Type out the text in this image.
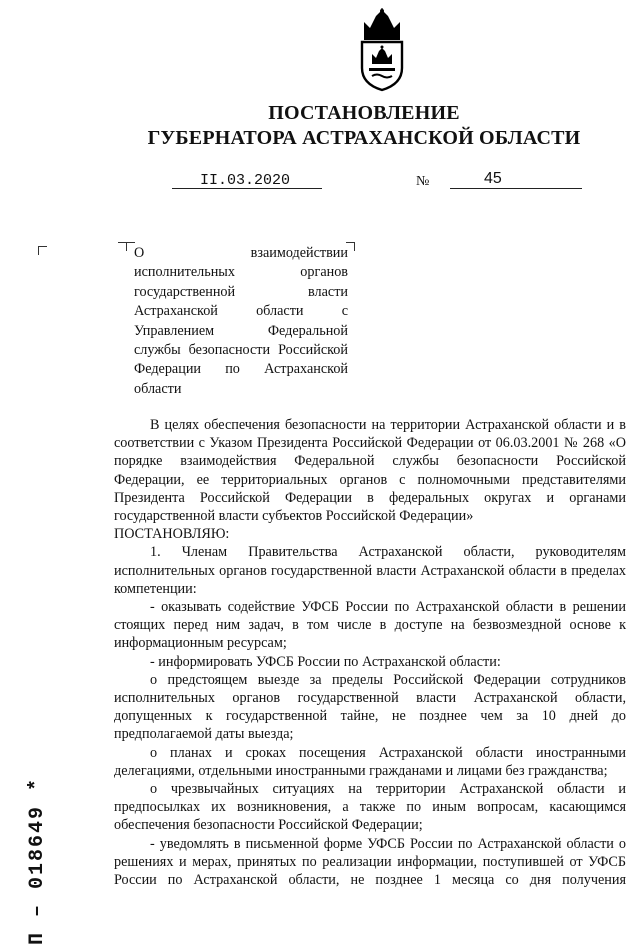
ПОСТАНОВЛЕНИЕ
ГУБЕРНАТОРА АСТРАХАНСКОЙ ОБЛАСТИ
II.03.2020	№	45
О взаимодействии исполнительных органов государственной власти Астраханской области с Управлением Федеральной службы безопасности Российской Федерации по Астраханской области

В целях обеспечения безопасности на территории Астраханской области и в соответствии с Указом Президента Российской Федерации от 06.03.2001 № 268 «О порядке взаимодействия Федеральной службы безопасности Российской Федерации, ее территориальных органов с полномочными представителями Президента Российской Федерации в федеральных округах и органами государственной власти субъектов Российской Федерации»

ПОСТАНОВЛЯЮ:

1. Членам Правительства Астраханской области, руководителям исполнительных органов государственной власти Астраханской области в пределах компетенции:

- оказывать содействие УФСБ России по Астраханской области в решении стоящих перед ним задач, в том числе в доступе на безвозмездной основе к информационным ресурсам;

- информировать УФСБ России по Астраханской области:

о предстоящем выезде за пределы Российской Федерации сотрудников исполнительных органов государственной власти Астраханской области, допущенных к государственной тайне, не позднее чем за 10 дней до предполагаемой даты выезда;

о планах и сроках посещения Астраханской области иностранными делегациями, отдельными иностранными гражданами и лицами без гражданства;

о чрезвычайных ситуациях на территории Астраханской области и предпосылках их возникновения, а также по иным вопросам, касающимся обеспечения безопасности Российской Федерации;

- уведомлять в письменной форме УФСБ России по Астраханской области о решениях и мерах, принятых по реализации информации, поступившей от УФСБ России по Астраханской области, не позднее 1 месяца со дня получения

П – 018649 *
